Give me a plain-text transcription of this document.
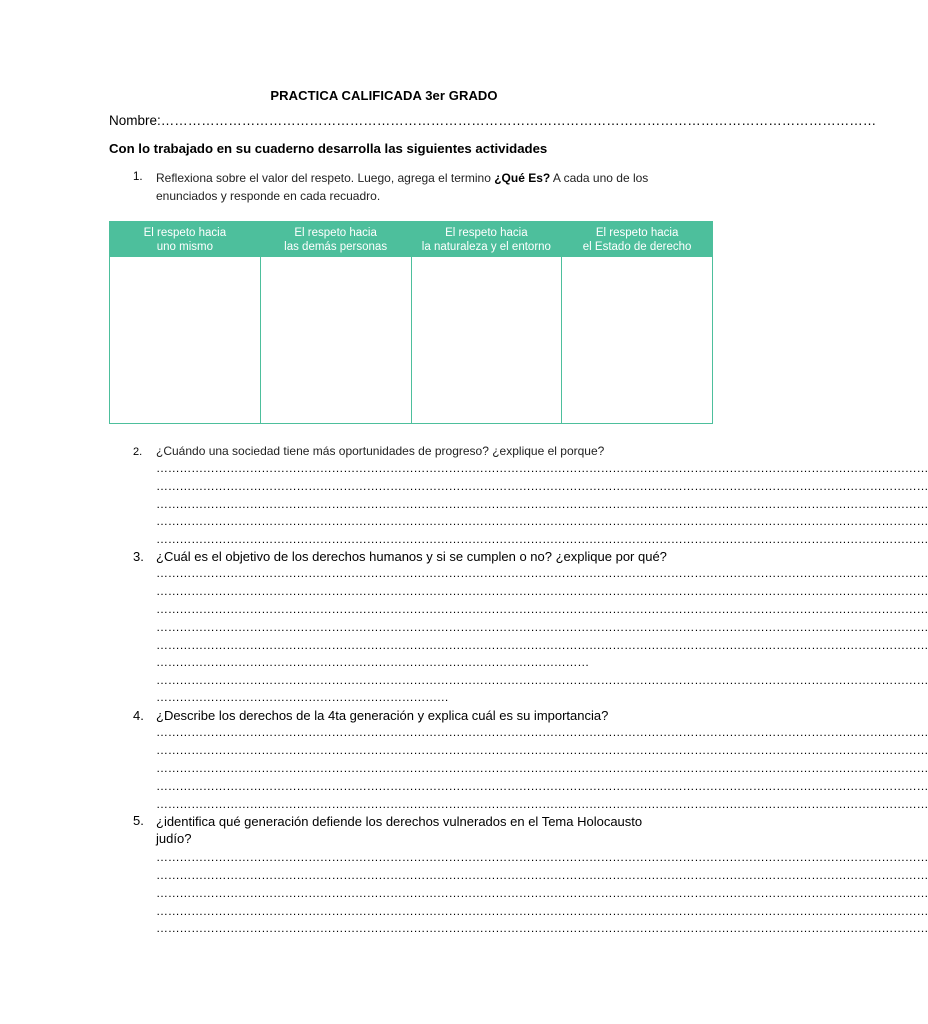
PRACTICA CALIFICADA 3er GRADO
Nombre:……………………………………………………………………………………………………………………………………………
Con lo trabajado en su cuaderno desarrolla las siguientes actividades
1. Reflexiona sobre el valor del respeto. Luego, agrega el termino ¿Qué Es? A cada uno de los enunciados y responde en cada recuadro.
El respeto hacia
uno mismo
El respeto hacia
las demás personas
El respeto hacia
la naturaleza y el entorno
El respeto hacia
el Estado de derecho
2. ¿Cuándo una sociedad tiene más oportunidades de progreso? ¿explique el porque?
………………………………………………………………………………………………………………………………………………………………………………
………………………………………………………………………………………………………………………………………………………………………………
………………………………………………………………………………………………………………………………………………………………………………
………………………………………………………………………………………………………………………………………………………………………………
………………………………………………………………………………………………………………………………………………………………………………
3. ¿Cuál es el objetivo de los derechos humanos y si se cumplen o no? ¿explique por qué?
………………………………………………………………………………………………………………………………………………………………………………
………………………………………………………………………………………………………………………………………………………………………………
………………………………………………………………………………………………………………………………………………………………………………
………………………………………………………………………………………………………………………………………………………………………………
………………………………………………………………………………………………………………………………………………………………………………
…………………………………………………………………………………………………
………………………………………………………………………………………………………………………………………………………………………………
…………………………………………………………………
4. ¿Describe los derechos de la 4ta generación y explica cuál es su importancia?
………………………………………………………………………………………………………………………………………………………………………………
………………………………………………………………………………………………………………………………………………………………………………
………………………………………………………………………………………………………………………………………………………………………………
………………………………………………………………………………………………………………………………………………………………………………
………………………………………………………………………………………………………………………………………………………………………………
5. ¿identifica qué generación defiende los derechos vulnerados en el Tema Holocausto judío?
………………………………………………………………………………………………………………………………………………………………………………
………………………………………………………………………………………………………………………………………………………………………………
………………………………………………………………………………………………………………………………………………………………………………
………………………………………………………………………………………………………………………………………………………………………………
………………………………………………………………………………………………………………………………………………………………………………
